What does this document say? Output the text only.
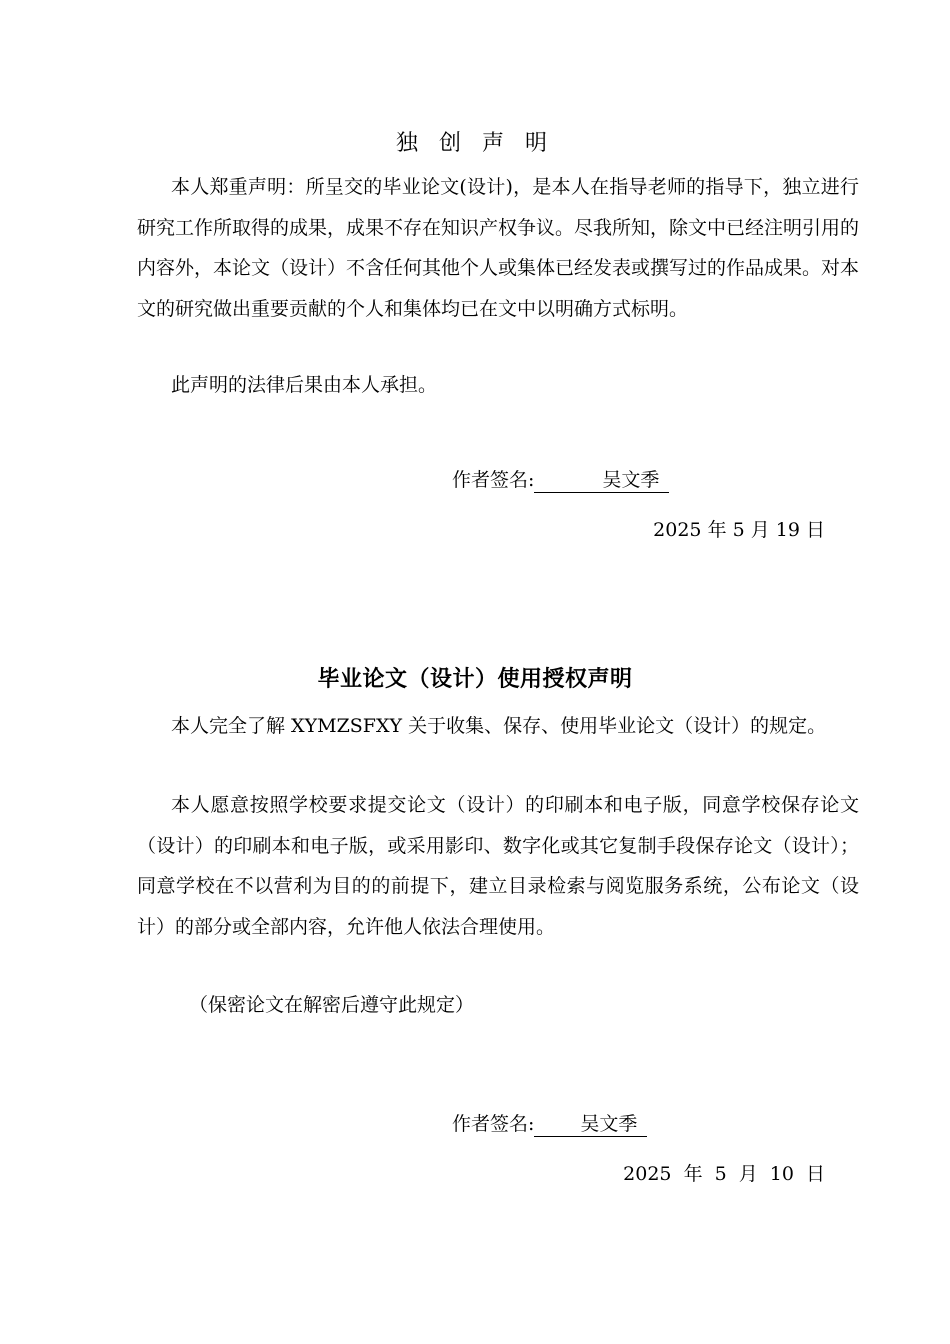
独 创 声 明

本人郑重声明：所呈交的毕业论文(设计)，是本人在指导老师的指导下，独立进行研究工作所取得的成果，成果不存在知识产权争议。尽我所知，除文中已经注明引用的内容外，本论文（设计）不含任何其他个人或集体已经发表或撰写过的作品成果。对本文的研究做出重要贡献的个人和集体均已在文中以明确方式标明。

此声明的法律后果由本人承担。

作者签名:	吴文季
2025 年 5 月 19 日
毕业论文（设计）使用授权声明

本人完全了解 XYMZSFXY 关于收集、保存、使用毕业论文（设计）的规定。

本人愿意按照学校要求提交论文（设计）的印刷本和电子版，同意学校保存论文（设计）的印刷本和电子版，或采用影印、数字化或其它复制手段保存论文（设计）；同意学校在不以营利为目的的前提下，建立目录检索与阅览服务系统，公布论文（设计）的部分或全部内容，允许他人依法合理使用。

（保密论文在解密后遵守此规定）

作者签名: 吴文季
2025 年 5 月 10 日
